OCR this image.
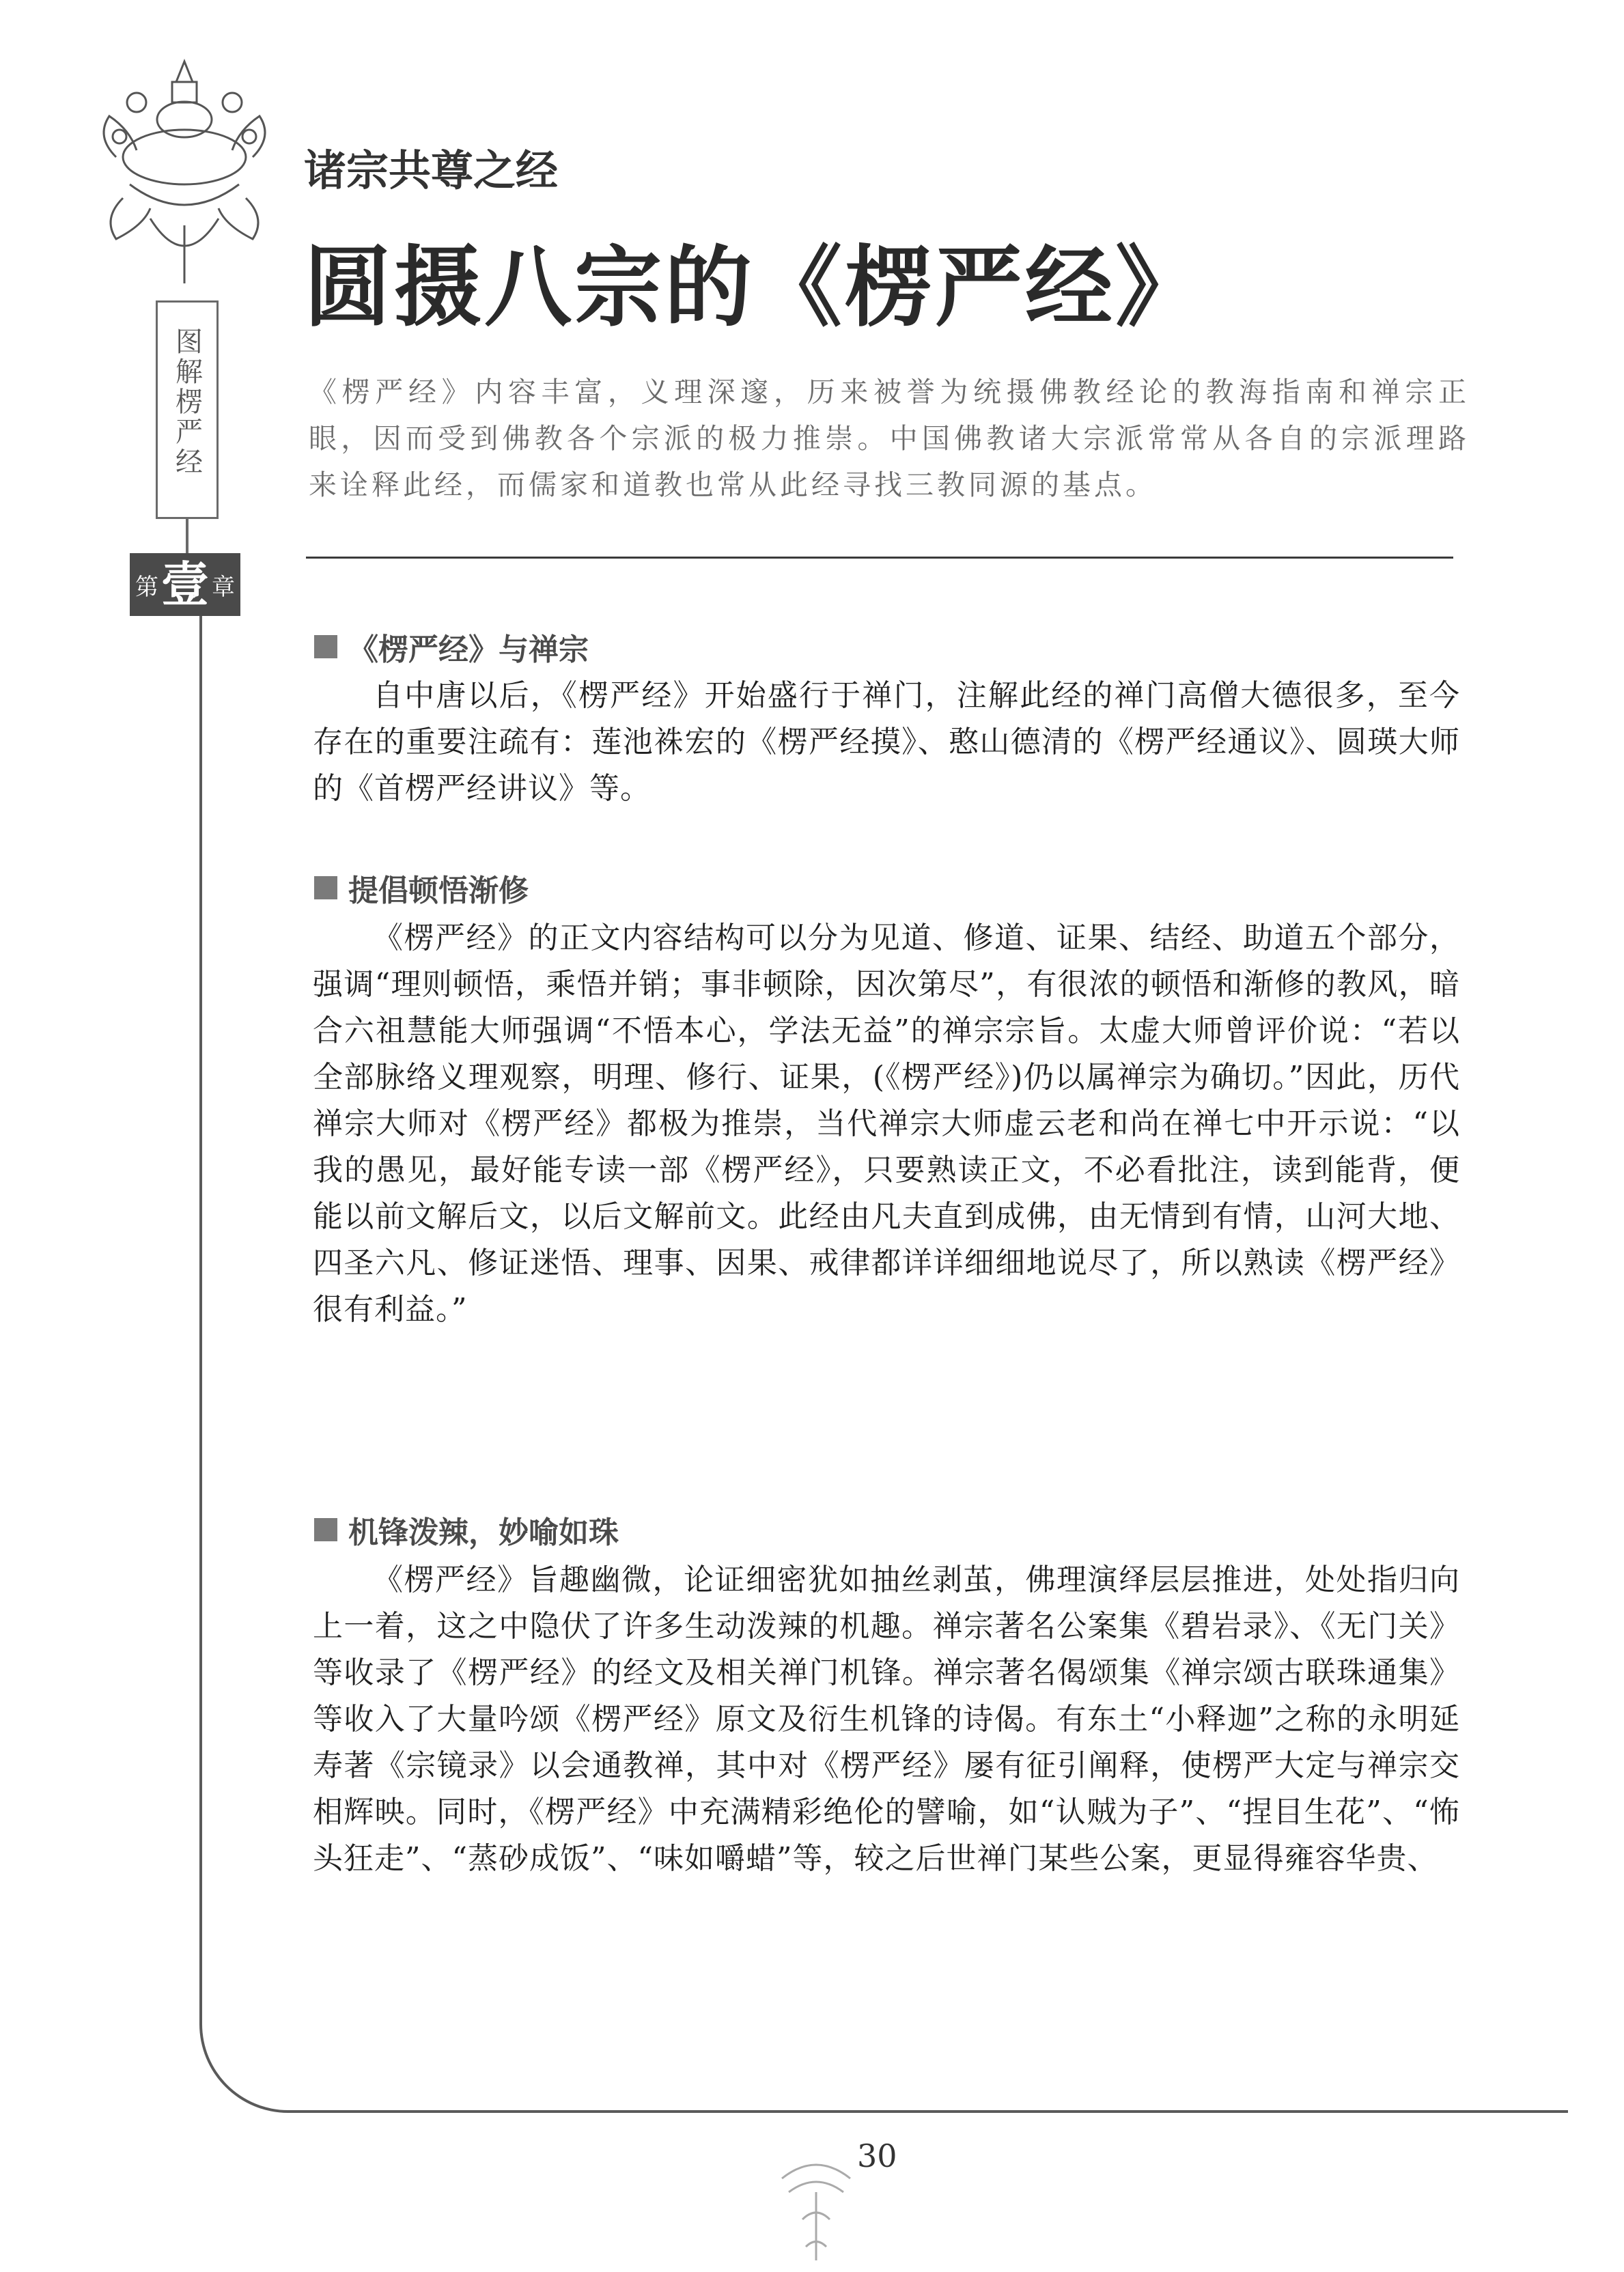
图解楞严经
第 壹 章
诸宗共尊之经
圆摄八宗的《楞严经》
《楞严经》内容丰富，义理深邃，历来被誉为统摄佛教经论的教海指南和禅宗正眼，因而受到佛教各个宗派的极力推崇。中国佛教诸大宗派常常从各自的宗派理路来诠释此经，而儒家和道教也常从此经寻找三教同源的基点。
《楞严经》与禅宗

自中唐以后，《楞严经》开始盛行于禅门，注解此经的禅门高僧大德很多，至今存在的重要注疏有：莲池袾宏的《楞严经摸》、憨山德清的《楞严经通议》、圆瑛大师的《首楞严经讲议》等。

提倡顿悟渐修

《楞严经》的正文内容结构可以分为见道、修道、证果、结经、助道五个部分，强调“理则顿悟，乘悟并销；事非顿除，因次第尽”，有很浓的顿悟和渐修的教风，暗合六祖慧能大师强调“不悟本心，学法无益”的禅宗宗旨。太虚大师曾评价说：“若以全部脉络义理观察，明理、修行、证果，(《楞严经》)仍以属禅宗为确切。”因此，历代禅宗大师对《楞严经》都极为推崇，当代禅宗大师虚云老和尚在禅七中开示说：“以我的愚见，最好能专读一部《楞严经》，只要熟读正文，不必看批注，读到能背，便能以前文解后文，以后文解前文。此经由凡夫直到成佛，由无情到有情，山河大地、四圣六凡、修证迷悟、理事、因果、戒律都详详细细地说尽了，所以熟读《楞严经》很有利益。”

机锋泼辣，妙喻如珠

《楞严经》旨趣幽微，论证细密犹如抽丝剥茧，佛理演绎层层推进，处处指归向上一着，这之中隐伏了许多生动泼辣的机趣。禅宗著名公案集《碧岩录》、《无门关》等收录了《楞严经》的经文及相关禅门机锋。禅宗著名偈颂集《禅宗颂古联珠通集》等收入了大量吟颂《楞严经》原文及衍生机锋的诗偈。有东土“小释迦”之称的永明延寿著《宗镜录》以会通教禅，其中对《楞严经》屡有征引阐释，使楞严大定与禅宗交相辉映。同时，《楞严经》中充满精彩绝伦的譬喻，如“认贼为子”、“捏目生花”、“怖头狂走”、“蒸砂成饭”、“味如嚼蜡”等，较之后世禅门某些公案，更显得雍容华贵、

30
